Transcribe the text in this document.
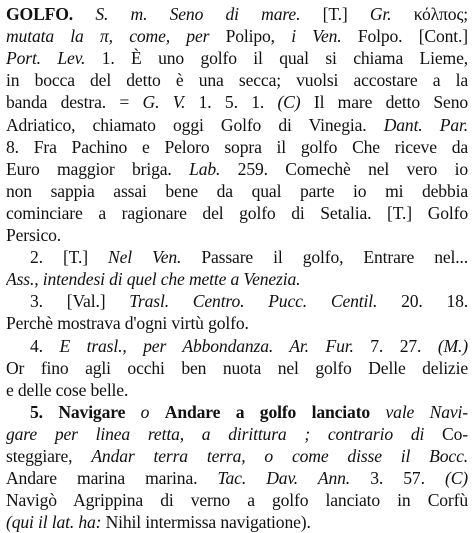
GOLFO. S. m. Seno di mare. [T.] Gr. κόλπος;
mutata la π, come, per Polipo, i Ven. Folpo. [Cont.]
Port. Lev. 1. È uno golfo il qual si chiama Lieme,
in bocca del detto è una secca; vuolsi accostare a la
banda destra. = G. V. 1. 5. 1. (C) Il mare detto Seno
Adriatico, chiamato oggi Golfo di Vinegia. Dant. Par.
8. Fra Pachino e Peloro sopra il golfo Che riceve da
Euro maggior briga. Lab. 259. Comechè nel vero io
non sappia assai bene da qual parte io mi debbia
cominciare a ragionare del golfo di Setalia. [T.] Golfo
Persico.
2. [T.] Nel Ven. Passare il golfo, Entrare nel...
Ass., intendesi di quel che mette a Venezia.
3. [Val.] Trasl. Centro. Pucc. Centil. 20. 18.
Perchè mostrava d'ogni virtù golfo.
4. E trasl., per Abbondanza. Ar. Fur. 7. 27. (M.)
Or fino agli occhi ben nuota nel golfo Delle delizie
e delle cose belle.
5. Navigare o Andare a golfo lanciato vale Navi-
gare per linea retta, a dirittura ; contrario di Co-
steggiare, Andar terra terra, o come disse il Bocc.
Andare marina marina. Tac. Dav. Ann. 3. 57. (C)
Navigò Agrippina di verno a golfo lanciato in Corfù
(qui il lat. ha: Nihil intermissa navigatione).
